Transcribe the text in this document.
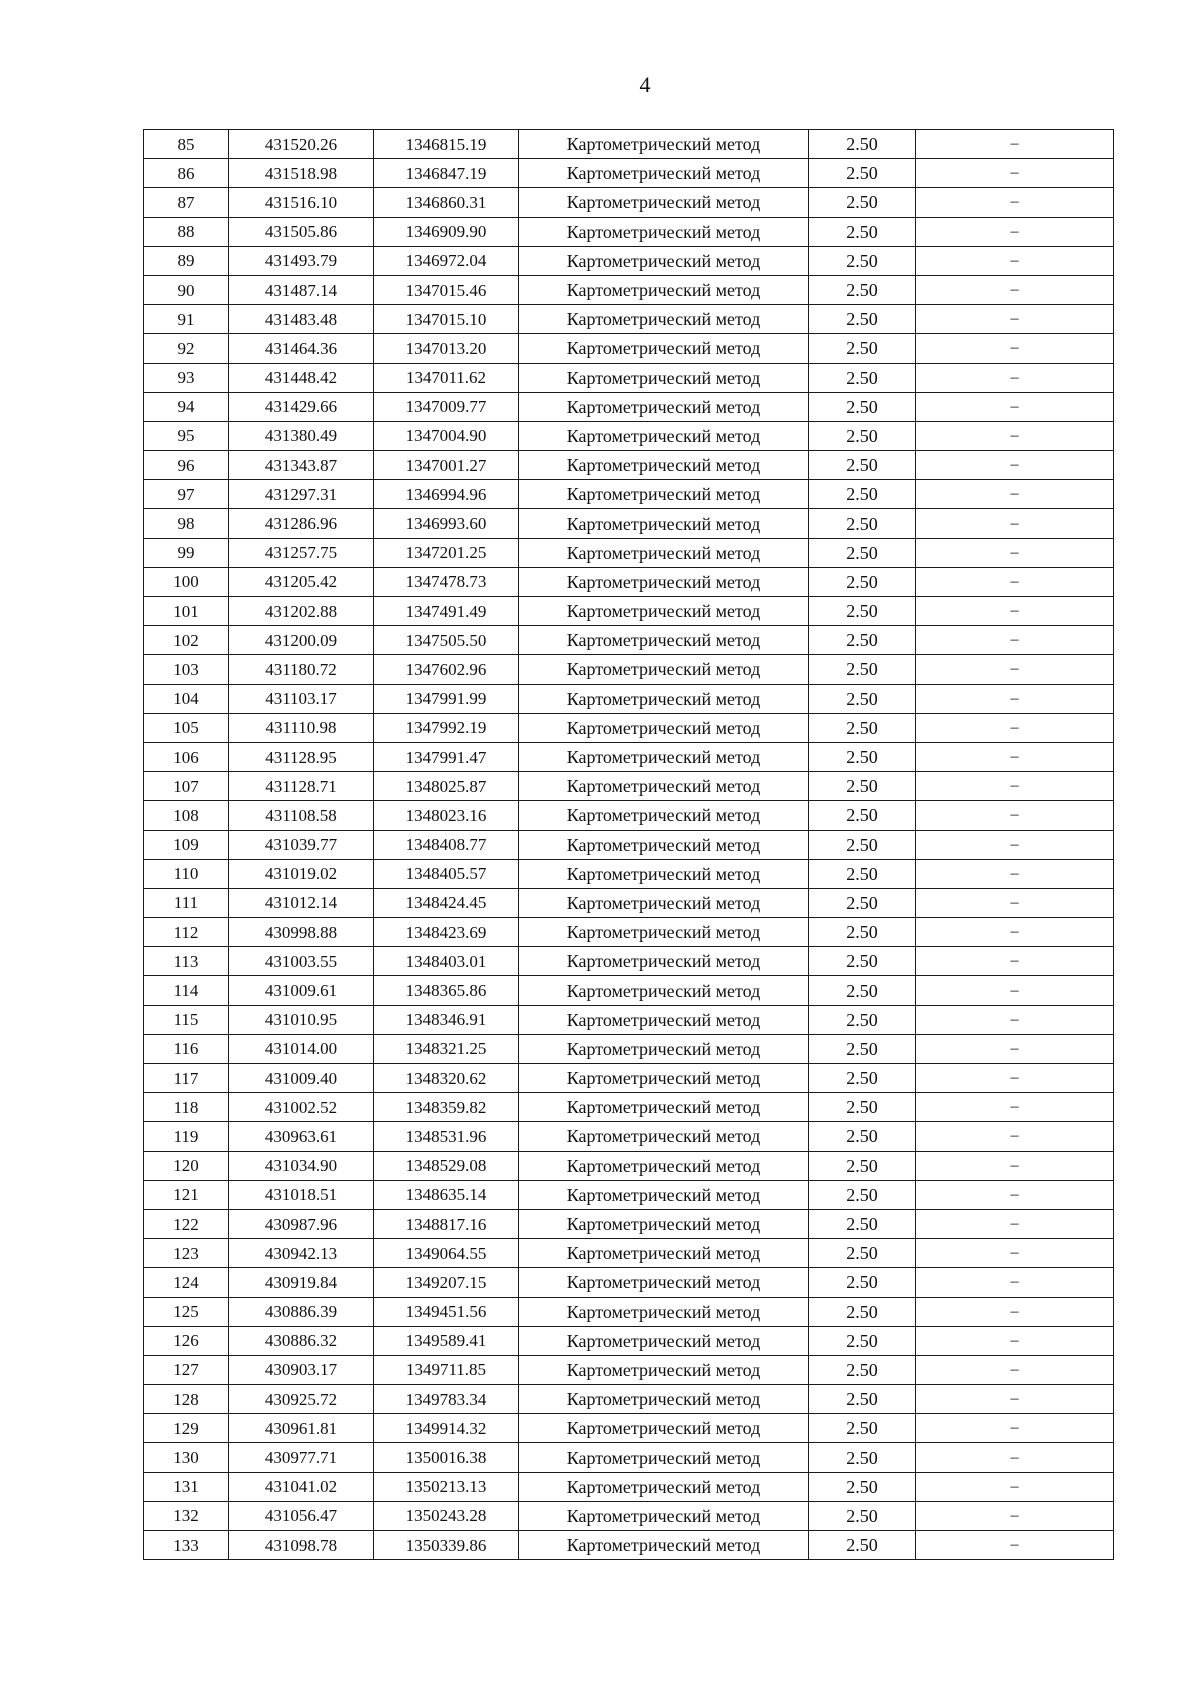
4
85	431520.26	1346815.19	Картометрический метод	2.50	–
86	431518.98	1346847.19	Картометрический метод	2.50	–
87	431516.10	1346860.31	Картометрический метод	2.50	–
88	431505.86	1346909.90	Картометрический метод	2.50	–
89	431493.79	1346972.04	Картометрический метод	2.50	–
90	431487.14	1347015.46	Картометрический метод	2.50	–
91	431483.48	1347015.10	Картометрический метод	2.50	–
92	431464.36	1347013.20	Картометрический метод	2.50	–
93	431448.42	1347011.62	Картометрический метод	2.50	–
94	431429.66	1347009.77	Картометрический метод	2.50	–
95	431380.49	1347004.90	Картометрический метод	2.50	–
96	431343.87	1347001.27	Картометрический метод	2.50	–
97	431297.31	1346994.96	Картометрический метод	2.50	–
98	431286.96	1346993.60	Картометрический метод	2.50	–
99	431257.75	1347201.25	Картометрический метод	2.50	–
100	431205.42	1347478.73	Картометрический метод	2.50	–
101	431202.88	1347491.49	Картометрический метод	2.50	–
102	431200.09	1347505.50	Картометрический метод	2.50	–
103	431180.72	1347602.96	Картометрический метод	2.50	–
104	431103.17	1347991.99	Картометрический метод	2.50	–
105	431110.98	1347992.19	Картометрический метод	2.50	–
106	431128.95	1347991.47	Картометрический метод	2.50	–
107	431128.71	1348025.87	Картометрический метод	2.50	–
108	431108.58	1348023.16	Картометрический метод	2.50	–
109	431039.77	1348408.77	Картометрический метод	2.50	–
110	431019.02	1348405.57	Картометрический метод	2.50	–
111	431012.14	1348424.45	Картометрический метод	2.50	–
112	430998.88	1348423.69	Картометрический метод	2.50	–
113	431003.55	1348403.01	Картометрический метод	2.50	–
114	431009.61	1348365.86	Картометрический метод	2.50	–
115	431010.95	1348346.91	Картометрический метод	2.50	–
116	431014.00	1348321.25	Картометрический метод	2.50	–
117	431009.40	1348320.62	Картометрический метод	2.50	–
118	431002.52	1348359.82	Картометрический метод	2.50	–
119	430963.61	1348531.96	Картометрический метод	2.50	–
120	431034.90	1348529.08	Картометрический метод	2.50	–
121	431018.51	1348635.14	Картометрический метод	2.50	–
122	430987.96	1348817.16	Картометрический метод	2.50	–
123	430942.13	1349064.55	Картометрический метод	2.50	–
124	430919.84	1349207.15	Картометрический метод	2.50	–
125	430886.39	1349451.56	Картометрический метод	2.50	–
126	430886.32	1349589.41	Картометрический метод	2.50	–
127	430903.17	1349711.85	Картометрический метод	2.50	–
128	430925.72	1349783.34	Картометрический метод	2.50	–
129	430961.81	1349914.32	Картометрический метод	2.50	–
130	430977.71	1350016.38	Картометрический метод	2.50	–
131	431041.02	1350213.13	Картометрический метод	2.50	–
132	431056.47	1350243.28	Картометрический метод	2.50	–
133	431098.78	1350339.86	Картометрический метод	2.50	–
